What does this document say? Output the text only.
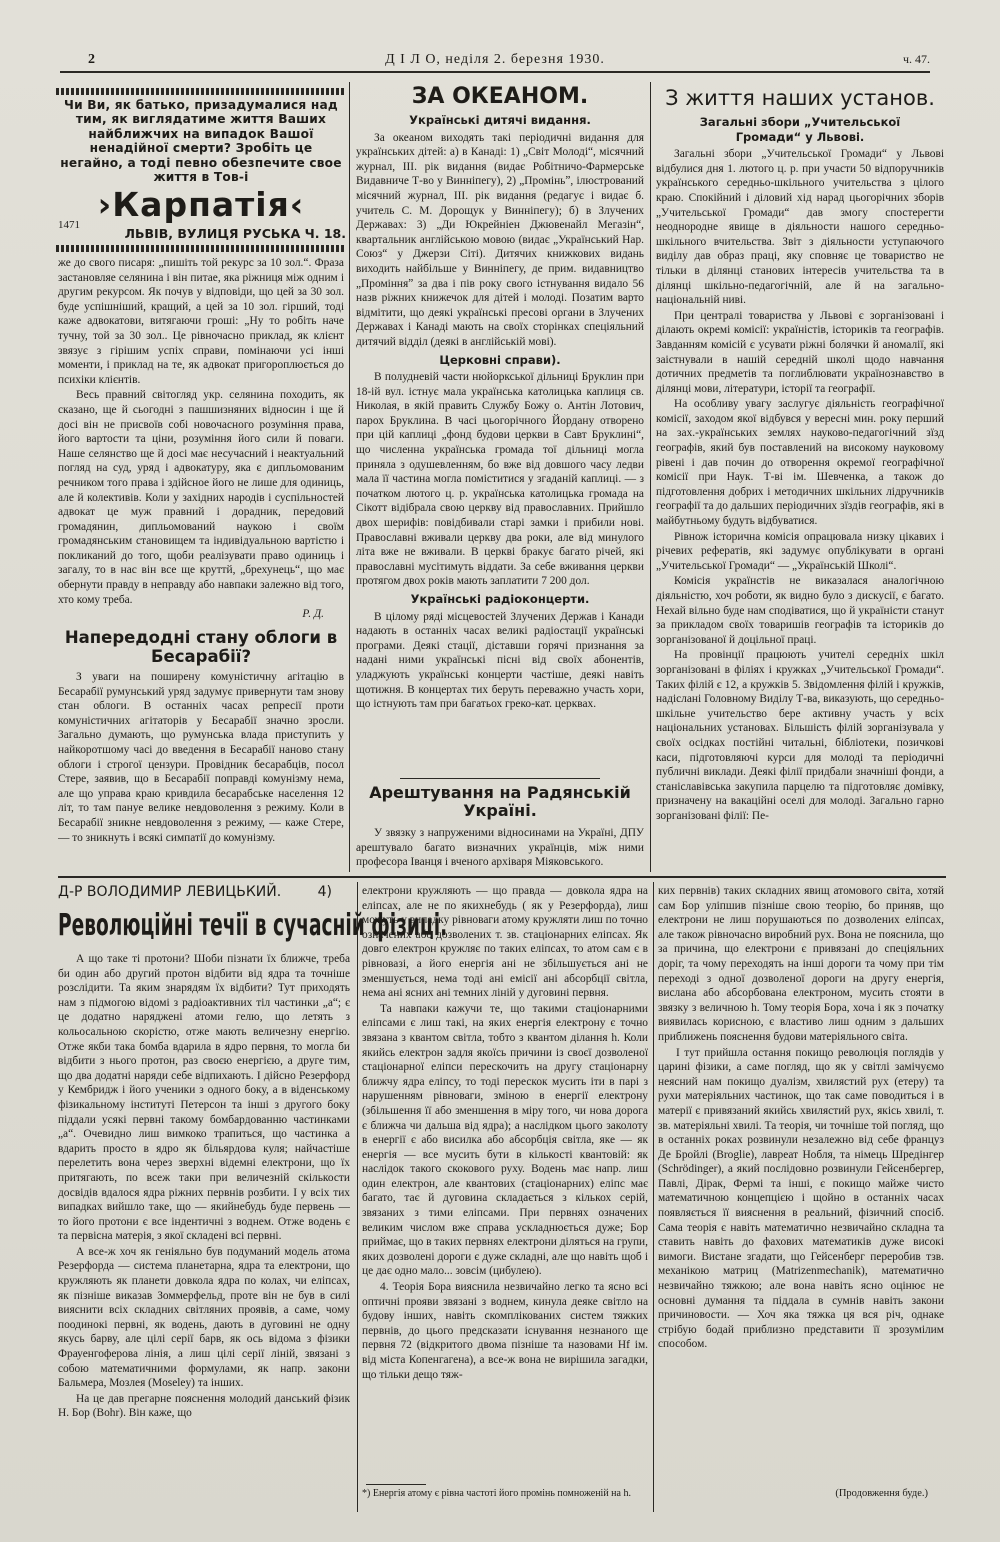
2	Д І Л О, неділя 2. березня 1930.	ч. 47.
Чи Ви, як батько, призадумалися над тим, як виглядатиме життя Ваших найближчих на випадок Вашої ненадійної смерти? Зробіть це негайно, а тоді певно обезпечите свое життя в Тов-і
›Карпатія‹
ЛЬВІВ, ВУЛИЦЯ РУСЬКА Ч. 18.
1471

же до свого писаря: „пишіть той рекурс за 10 зол.“. Фраза застановляе селянина і він питае, яка ріжниця між одним і другим рекурсом. Як почув у відповіди, що цей за 30 зол. буде успішніший, кращий, а цей за 10 зол. гірший, тоді каже адвокатови, витягаючи гроші: „Ну то робіть наче тучну, той за 30 зол.. Це рівночасно приклад, як клієнт звязує з гірішим успіх справи, помінаючи усі інші моменти, і приклад на те, як адвокат пригороплюється до психіки клієнтів.

Весь правний світогляд укр. селянина походить, як сказано, ще й сьогодні з пашшизняних відносин і ще й досі він не присвоїв собі новочасного розуміння права, його вартости та ціни, розуміння його сили й поваги. Наше селянство ще й досі має несучасний і неактуальний погляд на суд, уряд і адвокатуру, яка є дипльомованим речником того права і здійсное його не лише для одиниць, але й колективів. Коли у західних народів і суспільностей адвокат це муж правний і дорадник, передовий громадянин, дипльомований наукою і своїм громадянським становищем та індивідуальною вартістю і покликаний до того, щоби реалізувати право одиниць і загалу, то в нас він все ще круттй, „брехунець“, що має обернути правду в неправду або навпаки залежно від того, хто кому треба.

Р. Д.
Напередодні стану облоги в Бесарабії?

З уваги на поширену комуністичну агітацію в Бесарабії румунський уряд задумує привернути там знову стан облоги. В останніх часах репресії проти комуністичних агітаторів у Бесарабії значно зросли. Загально думають, що румунська влада приступить у найкоротшому часі до введення в Бесарабії наново стану облоги і строгої цензури. Провідник бесарабців, посол Стере, заявив, що в Бесарабії поправді комунізму нема, але що управа краю кривдила бесарабське населення 12 літ, то там пануе велике невдоволення з режиму. Коли в Бесарабії зникне невдоволення з режиму, — каже Стере, — то зникнуть і всякі симпатії до комунізму.

ЗА ОКЕАНОМ.
Українські дитячі видання.

За океаном виходять такі періодичні видання для українських дітей: а) в Канаді: 1) „Світ Молоді“, місячний журнал, III. рік видання (видає Робітничо-Фармерське Видавниче Т-во у Винніпегу), 2) „Проміньˮ, ілюстрований місячний журнал, III. рік видання (редагує і видає б. учитель С. М. Дорощук у Винніпегу); б) в Злучених Державах: 3) „Ди Юкрейніен Джювенайл Мегазін“, квартальник англійською мовою (видає „Український Нар. Союз“ у Джерзи Сіті). Дитячих книжкових видань виходить найбільше у Винніпегу, де прим. видавництво „Промінняˮ за два і пів року свого істнування видало 56 назв ріжних книжечок для дітей і молоді. Позатим варто відмітити, що деякі українські пресові органи в Злучених Державах і Канаді мають на своїх сторінках спеціяльний дитячий відділ (деякі в англійській мові).

Церковні справи).

В полудневій части нюйоркської дільниці Бруклин при 18-ій вул. істнує мала українська католицька каплиця св. Николая, в якій править Службу Божу о. Антін Лотович, парох Бруклина. В часі цьогорічного Йордану отворено при цій каплиці „фонд будови церкви в Савт Бруклині“, що численна українська громада тої дільниці могла приняла з одушевленням, бо вже від довшого часу ледви мала її частина могла поміститися у згаданій каплиці. — з початком лютого ц. р. українська католицька громада на Сікотт відібрала свою церкву від православних. Прийшло двох шерифів: повідбивали старі замки і прибили нові. Православні вживали церкву два роки, але від минулого літа вже не вживали. В церкві бракує багато річей, які православні мусітимуть віддати. За себе вживання церкви протягом двох років мають заплатити 7 200 дол.

Українські радіоконцерти.

В цілому ряді місцевостей Злучених Держав і Канади надають в останніх часах великі радіостації українські програми. Деякі стації, діставши горячі признання за надані ними українські пісні від своїх абонентів, уладжують українські концерти частіше, деякі навіть щотижня. В концертах тих беруть переважно участь хори, що істнують там при багатьох греко-кат. церквах.

Арештування на Радянській Україні.

У звязку з напруженими відносинами на Україні, ДПУ арештувало багато визначних українців, між ними професора Іванця і вченого архіваря Міяковського.

З життя наших установ.
Загальні збори „Учительської Громади“ у Львові.

Загальні збори „Учительської Громади“ у Львові відбулися дня 1. лютого ц. р. при участи 50 відпоручників українського середньо-шкільного учительства з цілого краю. Спокійний і діловий хід нарад цьогорічних зборів „Учительської Громади“ дав змогу спостерегти неоднородне явище в діяльности нашого середньо-шкільного вчительства. Звіт з діяльности уступаючого виділу дав образ праці, яку сповняє це товариство не тільки в ділянці станових інтересів учительства та в ділянці шкільно-педагогічній, але й на загально-національній ниві.

При централі товариства у Львові є зорганізовані і ділають окремі комісії: україністів, істориків та географів. Завданням комісій є усувати ріжні болячки й аномалії, які заістнували в нашій середній школі щодо навчання дотичних предметів та поглиблювати українознавство в ділянці мови, літератури, історії та географії.

На особливу увагу заслугує діяльність географічної комісії, заходом якої відбувся у вересні мин. року перший на зах.-українських землях науково-педагогічний зїзд географів, який був поставлений на високому науковому рівені і дав почин до отворення окремої географічної комісії при Наук. Т-ві ім. Шевченка, а також до підготовлення добрих і методичних шкільних лідручників географії та до дальших періодичних зїздів географів, які в майбутньому будуть відбуватися.

Рівнож історична комісія опрацювала низку цікавих і річевих рефератів, які задумує опублікувати в органі „Учительської Громади“ — „Українській Школі“.

Комісія українстів не виказалася аналогічною діяльністю, хоч роботи, як видно було з дискусії, є багато. Нехай вільно буде нам сподіватися, що й україністи станут за прикладом своїх товаришів географів та істориків до зорганізованої й доцільної праці.

На провінції працюють учителі середніх шкіл зорганізовані в філіях і кружках „Учительської Громади“. Таких філій є 12, а кружків 5. Звідомлення філій і кружків, надіслані Головному Виділу Т-ва, виказують, що середньо-шкільне учительство бере активну участь у всіх національних установах. Більшість філій зорганізувала у своїх осідках постійні читальні, бібліотеки, позичкові каси, підготовляючі курси для молоді та періодичні публичні виклади. Деякі філії придбали значніші фонди, а станіславівська закупила парцелю та підготовляє домівку, призначену на вакаційні оселі для молоді. Загально гарно зорганізовані філії: Пе-

Д-Р ВОЛОДИМИР ЛЕВИЦЬКИЙ.	4)
Революційні течії в сучасній фізиці.

А що таке ті протони? Шоби пізнати їх ближче, треба би один або другий протон відбити від ядра та точніше розслідити. Та яким знарядям їх відбити? Тут приходять нам з підмогою відомі з радіоактивних тіл частинки „а“; є це додатно наряджені атоми гелю, що летять з кольосальною скорістю, отже мають величезну енергію. Отже якби така бомба вдарила в ядро первня, то могла би відбити з нього протон, раз своєю енергією, а друге тим, що два додатні наряди себе відпихають. І дійсно Резерфорд у Кембридж і його ученики з одного боку, а в віденському фізикальному інституті Петерсон та інші з другого боку піддали усякі первні такому бомбардованню частинками „а“. Очевидно лиш вимкоко трапиться, що частинка а вдарить просто в ядро як більярдова куля; найчастіше перелетить вона через зверхні відемні електрони, що їх притягають, по всеж таки при величезній скількости досвідів вдалося ядра ріжних первнів розбити. І у всіх тих випадках вийшло таке, що — якийнебудь буде первень — то його протони є все індентичні з воднем. Отже водень є та первісна матерія, з якої складені всі первні.

А все-ж хоч як геніяльно був подуманий модель атома Резерфорда — система планетарна, ядра та електрони, що кружляють як планети довкола ядра по колах, чи еліпсах, як пізніше виказав Зоммерфельд, проте він не був в силі вияснити всіх складних світляних проявів, а саме, чому поодинокі первні, як водень, дають в дуговині не одну якусь барву, але цілі серії барв, як ось відома з фізики Фрауенгоферова лінія, а лиш цілі серії ліній, звязані з собою математичними формулами, як напр. закони Бальмера, Мозлея (Moseley) та інших.

На це дав прегарне пояснення молодий данський фізик Н. Бор (Bohr). Він каже, що

електрони кружляють — що правда — довкола ядра на еліпсах, але не по якихнебудь ( як у Резерфорда), лиш можуть у випадку рівноваги атому кружляти лиш по точно означених або дозволених т. зв. стаціонарних еліпсах. Як довго електрон кружляє по таких еліпсах, то атом сам є в рівновазі, а його енергія ані не збільшується ані не зменшується, нема тоді ані емісії ані абсорбції світла, нема ані ясних ані темних ліній у дуговині первня.

Та навпаки кажучи те, що такими стаціонарними еліпсами є лиш такі, на яких енергія електрону є точно звязана з квантом світла, тобто з квантом ділання h. Коли якийсь електрон задля якоїсь причини із своєї дозволеної стаціонарної еліпси перескочить на другу стаціонарну ближчу ядра еліпсу, то тоді перескок мусить іти в парі з нарушенням рівноваги, зміною в енергії електрону (збільшення її або зменшення в міру того, чи нова дорога є ближча чи дальша від ядра); а наслідком цього заколоту в енергії є або висилка або абсорбція світла, яке — як енергія — все мусить бути в кількості квантовій: як наслідок такого скокового руху. Водень має напр. лиш один електрон, але квантових (стаціонарних) еліпс має багато, тає й дуговина складається з кількох серій, звязаних з тими еліпсами. При первнях означених великим числом вже справа ускладнюється дуже; Бор приймає, що в таких первнях електрони діляться на групи, яких дозволені дороги є дуже складні, але що навіть щоб і це дає одно мало... зовсім (цибулею).

4. Теорія Бора вияснила незвичайно легко та ясно всі оптичні прояви звязані з воднем, кинула деяке світло на будову інших, навіть скомплікованих систем тяжких первнів, до цього предсказати існування незнаного ще первня 72 (відкритого двома пізніше та назовами Hf ім. від міста Копенгагена), а все-ж вона не вирішила загадки, що тільки дещо тяж-

*) Енергія атому є рівна частоті його промінь помноженій на h.

ких первнів) таких складних явищ атомового світа, хотяй сам Бор уліпшив пізніше свою теорію, бо приняв, що електрони не лиш порушаються по дозволених еліпсах, але також рівночасно виробний рух. Вона не пояснила, що за причина, що електрони є привязані до спеціяльних доріг, та чому переходять на інші дороги та чому при тім переході з одної дозволеної дороги на другу енергія, вислана або абсорбована електроном, мусить стояти в звязку з величною h. Тому теорія Бора, хоча і як з початку виявилась корисною, є властиво лиш одним з дальших приближень пояснення будови матеріяльного світа.

І тут прийшла остання покищо революція поглядів у царині фізики, а саме погляд, що як у світлі замічуємо неясний нам покищо дуалізм, хвилястий рух (етеру) та рухи матеріяльних частинок, що так саме поводиться і в матерії є привязаний якийсь хвилястий рух, якісь хвилі, т. зв. матеріяльні хвилі. Та теорія, чи точніше той погляд, що в останніх роках розвинули незалежно від себе француз Де Бройлі (Broglie), лавреат Нобля, та німець Шредінгер (Schrödinger), а який послідовно розвинули Гейсенбергер, Павлі, Дірак, Фермі та інші, є покищо майже чисто математичною концепцією і щойно в останніх часах появляється її вияснення в реальний, фізичний спосіб. Сама теорія є навіть математично незвичайно складна та ставить навіть до фахових математиків дуже високі вимоги. Вистане згадати, що Гейсенберг переробив тзв. механікою матриц (Matrizenmechanik), математично незвичайно тяжкою; але вона навіть ясно оцінює не основні думання та піддала в сумнів навіть закони причиновости. — Хоч яка тяжка ця вся річ, однаке стрібую бодай приблизно представити її зрозумілим способом.

(Продовження буде.)
